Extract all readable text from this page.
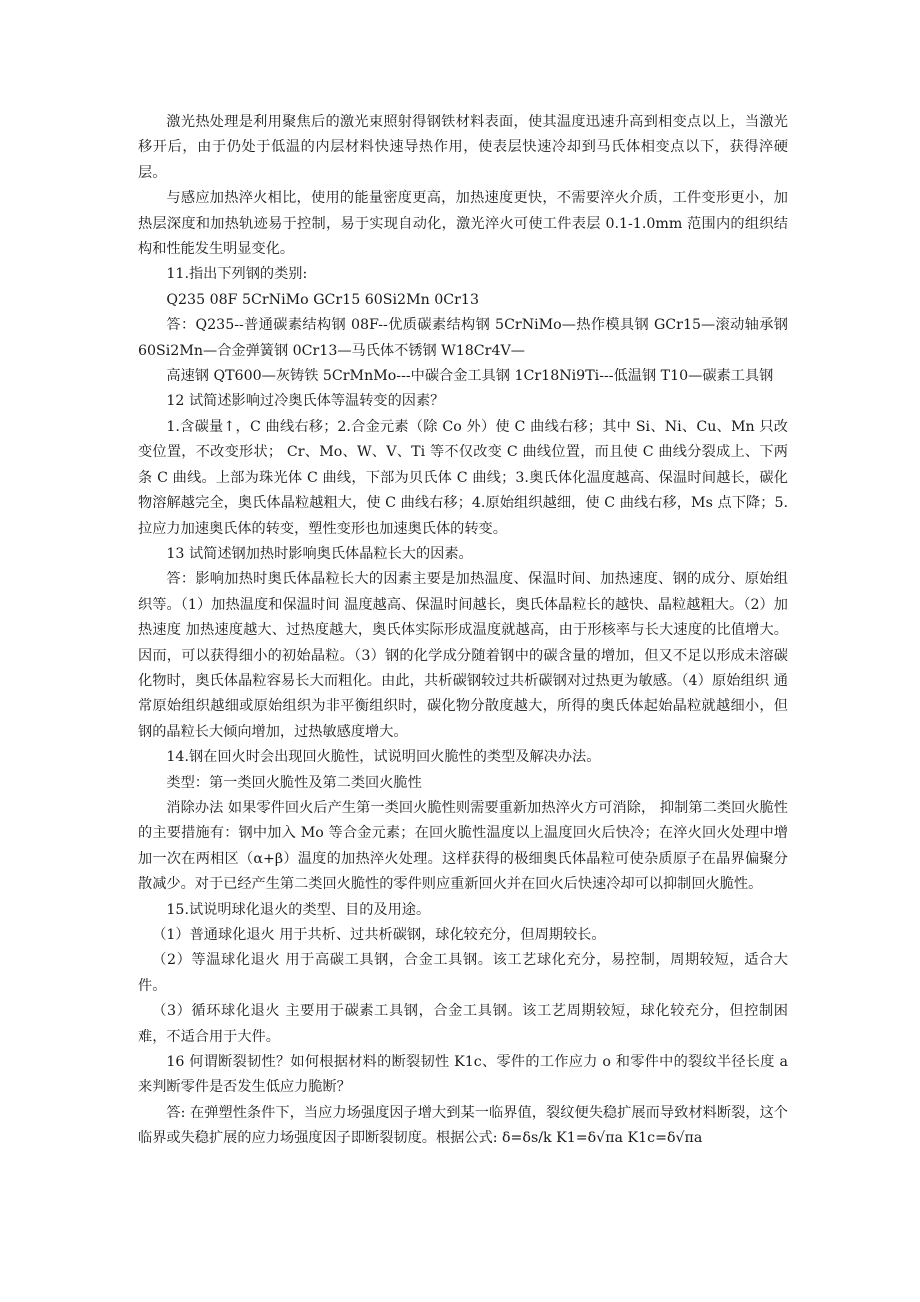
激光热处理是利用聚焦后的激光束照射得钢铁材料表面，使其温度迅速升高到相变点以上，当激光移开后，由于仍处于低温的内层材料快速导热作用，使表层快速冷却到马氏体相变点以下，获得淬硬层。

与感应加热淬火相比，使用的能量密度更高，加热速度更快，不需要淬火介质，工件变形更小，加热层深度和加热轨迹易于控制，易于实现自动化，激光淬火可使工件表层 0.1-1.0mm 范围内的组织结构和性能发生明显变化。

11.指出下列钢的类别:

Q235 08F 5CrNiMo GCr15 60Si2Mn 0Cr13

答：Q235--普通碳素结构钢 08F--优质碳素结构钢 5CrNiMo—热作模具钢 GCr15—滚动轴承钢 60Si2Mn—合金弹簧钢 0Cr13—马氏体不锈钢 W18Cr4V—

高速钢 QT600—灰铸铁 5CrMnMo---中碳合金工具钢 1Cr18Ni9Ti---低温钢 T10—碳素工具钢

12 试简述影响过冷奥氏体等温转变的因素？

1.含碳量↑，C 曲线右移；2.合金元素（除 Co 外）使 C 曲线右移；其中 Si、Ni、Cu、Mn 只改变位置，不改变形状； Cr、Mo、W、V、Ti 等不仅改变 C 曲线位置，而且使 C 曲线分裂成上、下两条 C 曲线。上部为珠光体 C 曲线，下部为贝氏体 C 曲线；3.奥氏体化温度越高、保温时间越长，碳化物溶解越完全，奥氏体晶粒越粗大，使 C 曲线右移；4.原始组织越细，使 C 曲线右移，Ms 点下降；5.拉应力加速奥氏体的转变，塑性变形也加速奥氏体的转变。

13 试简述钢加热时影响奥氏体晶粒长大的因素。

答：影响加热时奥氏体晶粒长大的因素主要是加热温度、保温时间、加热速度、钢的成分、原始组织等。（1）加热温度和保温时间 温度越高、保温时间越长，奥氏体晶粒长的越快、晶粒越粗大。（2）加热速度 加热速度越大、过热度越大，奥氏体实际形成温度就越高，由于形核率与长大速度的比值增大。因而，可以获得细小的初始晶粒。（3）钢的化学成分随着钢中的碳含量的增加，但又不足以形成未溶碳化物时，奥氏体晶粒容易长大而粗化。由此，共析碳钢较过共析碳钢对过热更为敏感。（4）原始组织 通常原始组织越细或原始组织为非平衡组织时，碳化物分散度越大，所得的奥氏体起始晶粒就越细小，但钢的晶粒长大倾向增加，过热敏感度增大。

14.钢在回火时会出现回火脆性，试说明回火脆性的类型及解决办法。

类型：第一类回火脆性及第二类回火脆性

消除办法 如果零件回火后产生第一类回火脆性则需要重新加热淬火方可消除， 抑制第二类回火脆性的主要措施有：钢中加入 Mo 等合金元素；在回火脆性温度以上温度回火后快冷；在淬火回火处理中增加一次在两相区（α+β）温度的加热淬火处理。这样获得的极细奥氏体晶粒可使杂质原子在晶界偏聚分散减少。对于已经产生第二类回火脆性的零件则应重新回火并在回火后快速冷却可以抑制回火脆性。

15.试说明球化退火的类型、目的及用途。

（1）普通球化退火 用于共析、过共析碳钢，球化较充分，但周期较长。

（2）等温球化退火 用于高碳工具钢，合金工具钢。该工艺球化充分，易控制，周期较短，适合大件。

（3）循环球化退火 主要用于碳素工具钢，合金工具钢。该工艺周期较短，球化较充分，但控制困难，不适合用于大件。

16 何谓断裂韧性？如何根据材料的断裂韧性 K1c、零件的工作应力 o 和零件中的裂纹半径长度 a 来判断零件是否发生低应力脆断？

答: 在弹塑性条件下，当应力场强度因子增大到某一临界值，裂纹便失稳扩展而导致材料断裂，这个临界或失稳扩展的应力场强度因子即断裂韧度。根据公式: δ=δs/k K1=δ√πa K1c=δ√πa
